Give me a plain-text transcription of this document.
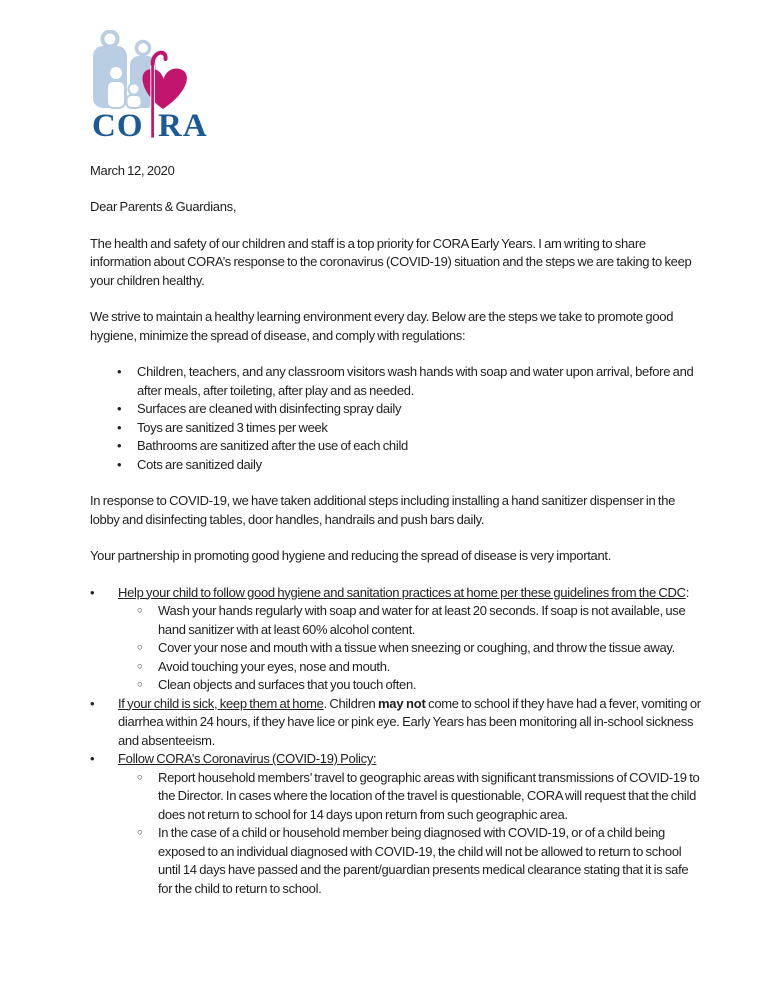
CO RA

March 12, 2020

Dear Parents & Guardians,

The health and safety of our children and staff is a top priority for CORA Early Years. I am writing to share information about CORA’s response to the coronavirus (COVID-19) situation and the steps we are taking to keep your children healthy.

We strive to maintain a healthy learning environment every day. Below are the steps we take to promote good hygiene, minimize the spread of disease, and comply with regulations:

•	Children, teachers, and any classroom visitors wash hands with soap and water upon arrival, before and after meals, after toileting, after play and as needed.
•	Surfaces are cleaned with disinfecting spray daily
•	Toys are sanitized 3 times per week
•	Bathrooms are sanitized after the use of each child
•	Cots are sanitized daily

In response to COVID-19, we have taken additional steps including installing a hand sanitizer dispenser in the lobby and disinfecting tables, door handles, handrails and push bars daily.

Your partnership in promoting good hygiene and reducing the spread of disease is very important.

•	Help your child to follow good hygiene and sanitation practices at home per these guidelines from the CDC:
○	Wash your hands regularly with soap and water for at least 20 seconds. If soap is not available, use hand sanitizer with at least 60% alcohol content.
○	Cover your nose and mouth with a tissue when sneezing or coughing, and throw the tissue away.
○	Avoid touching your eyes, nose and mouth.
○	Clean objects and surfaces that you touch often.
•	If your child is sick, keep them at home. Children may not come to school if they have had a fever, vomiting or diarrhea within 24 hours, if they have lice or pink eye. Early Years has been monitoring all in-school sickness and absenteeism.
•	Follow CORA’s Coronavirus (COVID-19) Policy:
○	Report household members’ travel to geographic areas with significant transmissions of COVID-19 to the Director. In cases where the location of the travel is questionable, CORA will request that the child does not return to school for 14 days upon return from such geographic area.
○	In the case of a child or household member being diagnosed with COVID-19, or of a child being exposed to an individual diagnosed with COVID-19, the child will not be allowed to return to school until 14 days have passed and the parent/guardian presents medical clearance stating that it is safe for the child to return to school.
